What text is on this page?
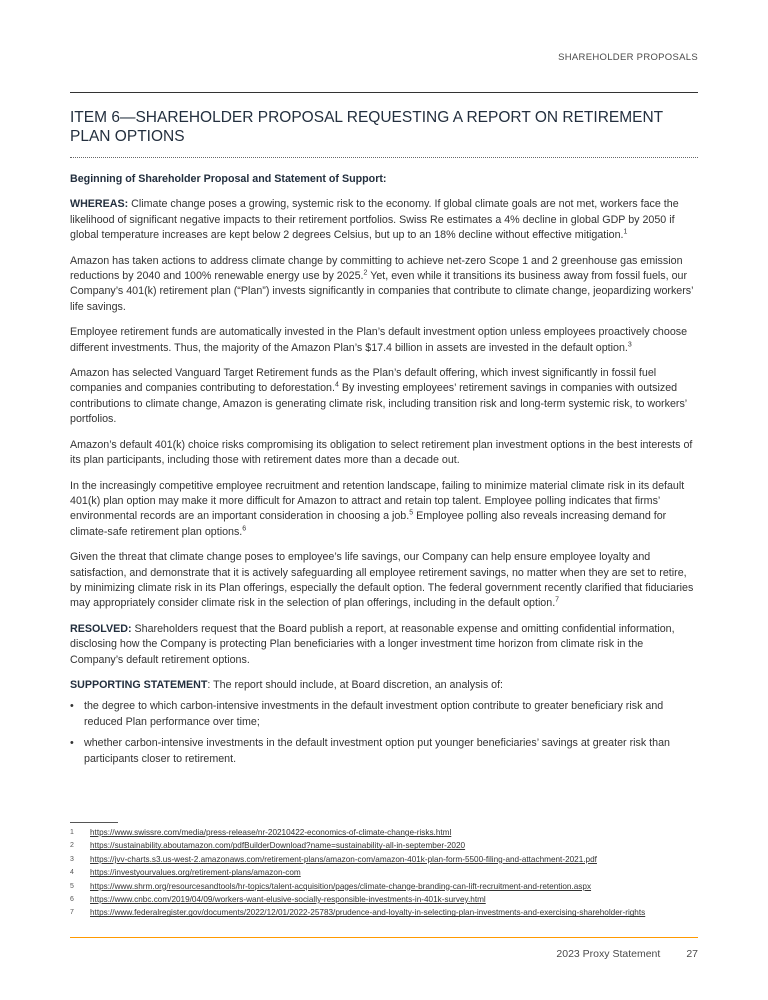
SHAREHOLDER PROPOSALS
ITEM 6—SHAREHOLDER PROPOSAL REQUESTING A REPORT ON RETIREMENT PLAN OPTIONS

Beginning of Shareholder Proposal and Statement of Support:

WHEREAS: Climate change poses a growing, systemic risk to the economy. If global climate goals are not met, workers face the likelihood of significant negative impacts to their retirement portfolios. Swiss Re estimates a 4% decline in global GDP by 2050 if global temperature increases are kept below 2 degrees Celsius, but up to an 18% decline without effective mitigation.$^1$

Amazon has taken actions to address climate change by committing to achieve net-zero Scope 1 and 2 greenhouse gas emission reductions by 2040 and 100% renewable energy use by 2025.$^2$ Yet, even while it transitions its business away from fossil fuels, our Company’s 401(k) retirement plan (“Plan”) invests significantly in companies that contribute to climate change, jeopardizing workers’ life savings.

Employee retirement funds are automatically invested in the Plan’s default investment option unless employees proactively choose different investments. Thus, the majority of the Amazon Plan’s $17.4 billion in assets are invested in the default option.$^3$

Amazon has selected Vanguard Target Retirement funds as the Plan’s default offering, which invest significantly in fossil fuel companies and companies contributing to deforestation.$^4$ By investing employees’ retirement savings in companies with outsized contributions to climate change, Amazon is generating climate risk, including transition risk and long-term systemic risk, to workers’ portfolios.

Amazon’s default 401(k) choice risks compromising its obligation to select retirement plan investment options in the best interests of its plan participants, including those with retirement dates more than a decade out.

In the increasingly competitive employee recruitment and retention landscape, failing to minimize material climate risk in its default 401(k) plan option may make it more difficult for Amazon to attract and retain top talent. Employee polling indicates that firms’ environmental records are an important consideration in choosing a job.$^5$ Employee polling also reveals increasing demand for climate-safe retirement plan options.$^6$

Given the threat that climate change poses to employee’s life savings, our Company can help ensure employee loyalty and satisfaction, and demonstrate that it is actively safeguarding all employee retirement savings, no matter when they are set to retire, by minimizing climate risk in its Plan offerings, especially the default option. The federal government recently clarified that fiduciaries may appropriately consider climate risk in the selection of plan offerings, including in the default option.$^7$

RESOLVED: Shareholders request that the Board publish a report, at reasonable expense and omitting confidential information, disclosing how the Company is protecting Plan beneficiaries with a longer investment time horizon from climate risk in the Company’s default retirement options.

SUPPORTING STATEMENT: The report should include, at Board discretion, an analysis of:

• the degree to which carbon-intensive investments in the default investment option contribute to greater beneficiary risk and reduced Plan performance over time;
• whether carbon-intensive investments in the default investment option put younger beneficiaries’ savings at greater risk than participants closer to retirement.
1	https://www.swissre.com/media/press-release/nr-20210422-economics-of-climate-change-risks.html
2	https://sustainability.aboutamazon.com/pdfBuilderDownload?name=sustainability-all-in-september-2020
3	https://jvv-charts.s3.us-west-2.amazonaws.com/retirement-plans/amazon-com/amazon-401k-plan-form-5500-filing-and-attachment-2021.pdf
4	https://investyourvalues.org/retirement-plans/amazon-com
5	https://www.shrm.org/resourcesandtools/hr-topics/talent-acquisition/pages/climate-change-branding-can-lift-recruitment-and-retention.aspx
6	https://www.cnbc.com/2019/04/09/workers-want-elusive-socially-responsible-investments-in-401k-survey.html
7	https://www.federalregister.gov/documents/2022/12/01/2022-25783/prudence-and-loyalty-in-selecting-plan-investments-and-exercising-shareholder-rights
2023 Proxy Statement 27
